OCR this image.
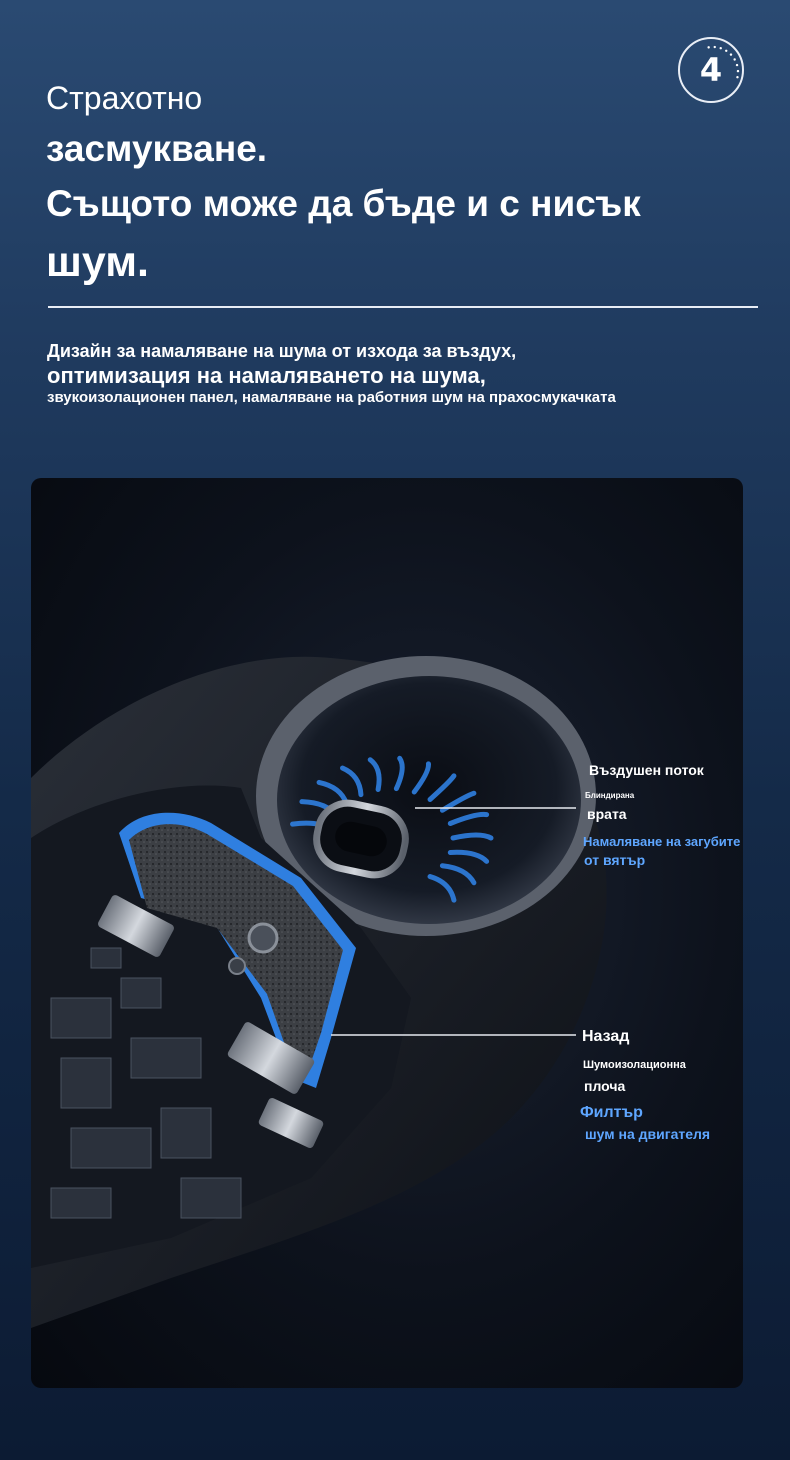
4
Страхотно
засмукване.
Същото може да бъде и с нисък
шум.
Дизайн за намаляване на шума от изхода за въздух,
оптимизация на намаляването на шума,
звукоизолационен панел, намаляване на работния шум на прахосмукачката
Въздушен поток
Блиндирана
врата
Намаляване на загубите
от вятър
Назад
Шумоизолационна
плоча
Филтър
шум на двигателя
